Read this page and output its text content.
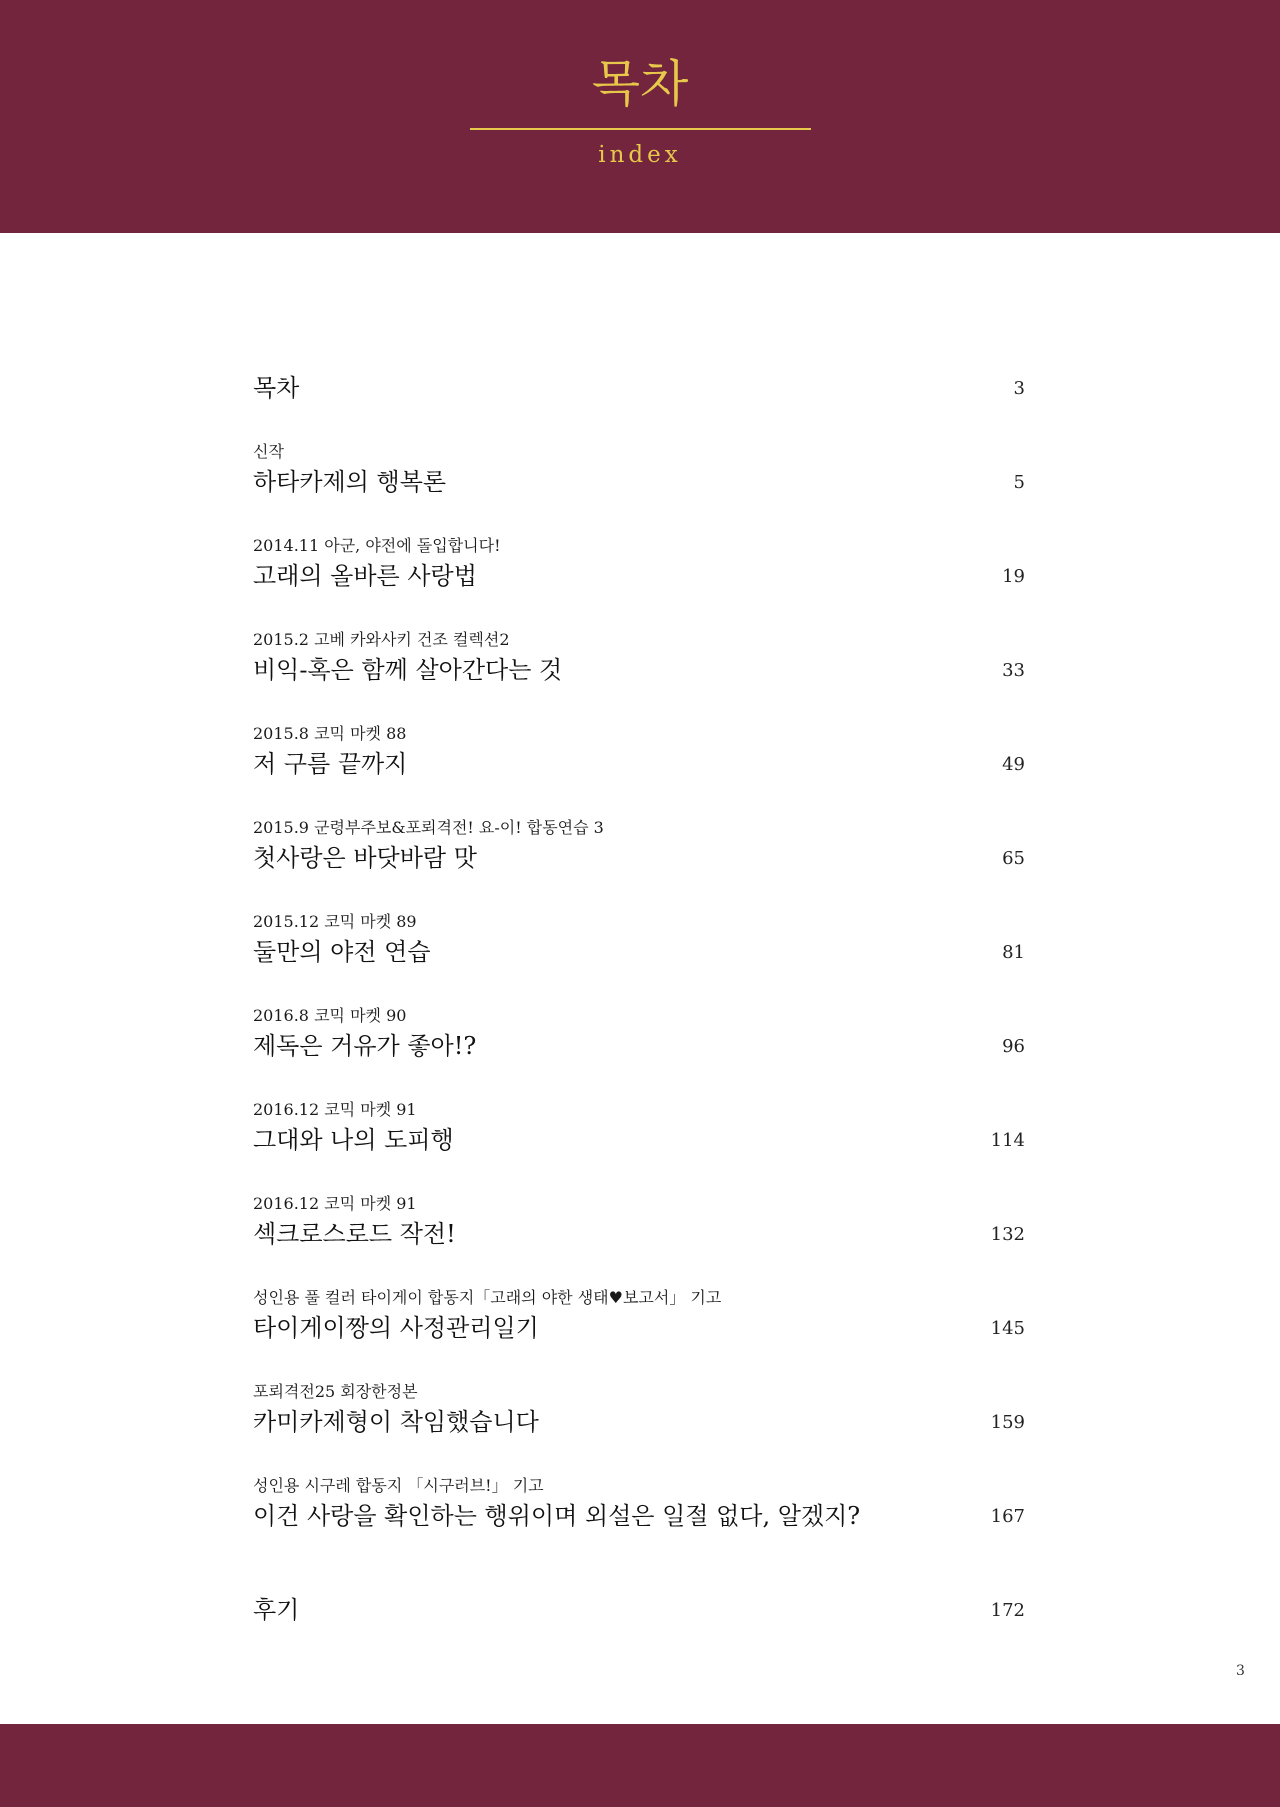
목차
index
목차	3
신작
하타카제의 행복론	5
2014.11 아군, 야전에 돌입합니다!
고래의 올바른 사랑법	19
2015.2 고베 카와사키 건조 컬렉션2
비익-혹은 함께 살아간다는 것	33
2015.8 코믹 마켓 88
저 구름 끝까지	49
2015.9 군령부주보&포뢰격전! 요-이! 합동연습 3
첫사랑은 바닷바람 맛	65
2015.12 코믹 마켓 89
둘만의 야전 연습	81
2016.8 코믹 마켓 90
제독은 거유가 좋아!?	96
2016.12 코믹 마켓 91
그대와 나의 도피행	114
2016.12 코믹 마켓 91
섹크로스로드 작전!	132
성인용 풀 컬러 타이게이 합동지「고래의 야한 생태♥보고서」 기고
타이게이짱의 사정관리일기	145
포뢰격전25 회장한정본
카미카제형이 착임했습니다	159
성인용 시구레 합동지 「시구러브!」 기고
이건 사랑을 확인하는 행위이며 외설은 일절 없다, 알겠지?	167
후기	172
3
